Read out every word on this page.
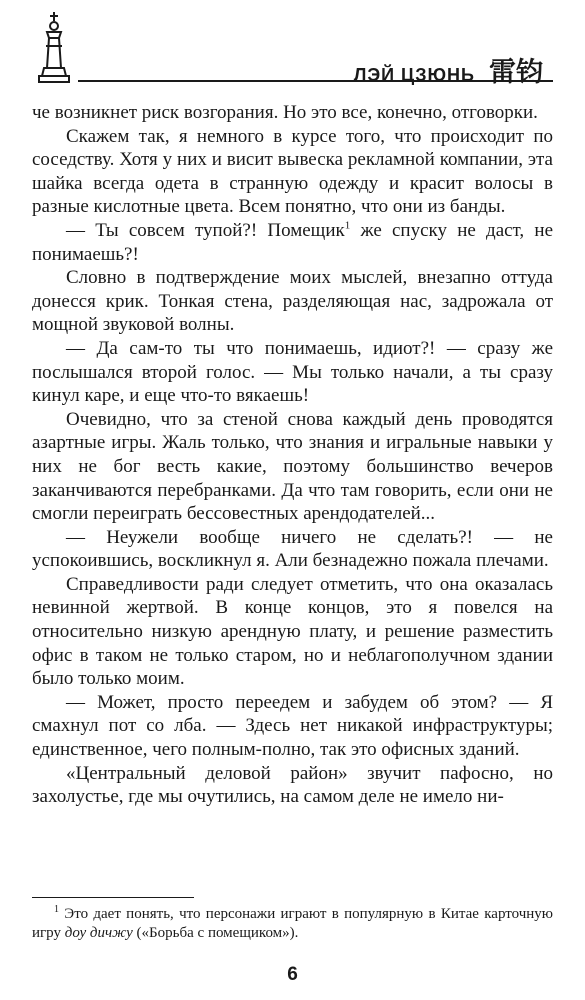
ЛЭЙ ЦЗЮНЬ 雷钧

че возникнет риск возгорания. Но это все, конечно, отговорки.

Скажем так, я немного в курсе того, что происходит по соседству. Хотя у них и висит вывеска рекламной компании, эта шайка всегда одета в странную одежду и красит волосы в разные кислотные цвета. Всем понятно, что они из банды.

— Ты совсем тупой?! Помещик$^1$ же спуску не даст, не понимаешь?!

Словно в подтверждение моих мыслей, внезапно оттуда донесся крик. Тонкая стена, разделяющая нас, задрожала от мощной звуковой волны.

— Да сам-то ты что понимаешь, идиот?! — сразу же послышался второй голос. — Мы только начали, а ты сразу кинул каре, и еще что-то вякаешь!

Очевидно, что за стеной снова каждый день проводятся азартные игры. Жаль только, что знания и игральные навыки у них не бог весть какие, поэтому большинство вечеров заканчиваются перебранками. Да что там говорить, если они не смогли переиграть бессовестных арендодателей...

— Неужели вообще ничего не сделать?! — не успокоившись, воскликнул я. Али безнадежно пожала плечами.

Справедливости ради следует отметить, что она оказалась невинной жертвой. В конце концов, это я повелся на относительно низкую арендную плату, и решение разместить офис в таком не только старом, но и неблагополучном здании было только моим.

— Может, просто переедем и забудем об этом? — Я смахнул пот со лба. — Здесь нет никакой инфраструктуры; единственное, чего полным-полно, так это офисных зданий.

«Центральный деловой район» звучит пафосно, но захолустье, где мы очутились, на самом деле не имело ни-

$^1$ Это дает понять, что персонажи играют в популярную в Китае карточную игру доу дичжу («Борьба с помещиком»).
6
